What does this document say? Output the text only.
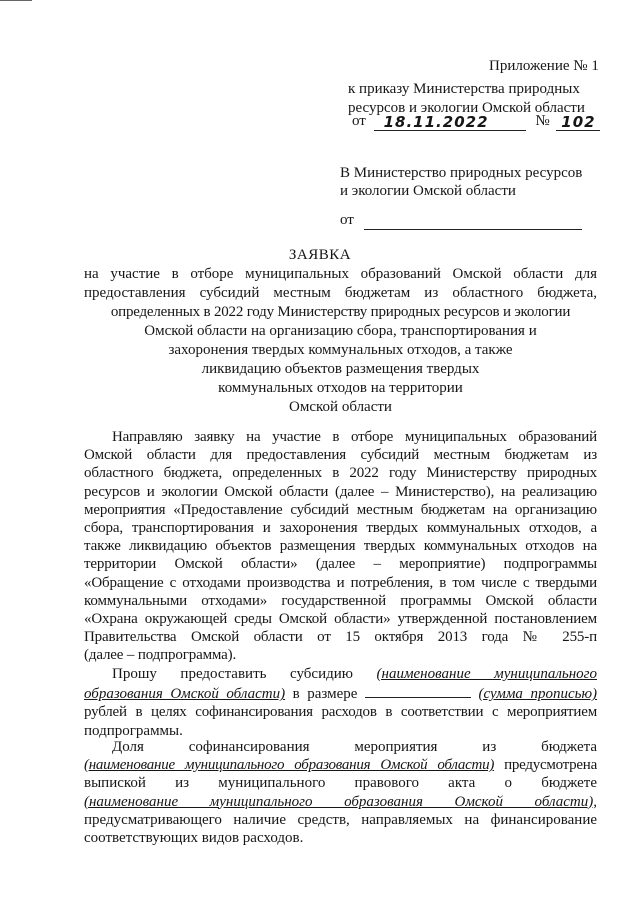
Приложение № 1
к приказу Министерства природных
ресурсов и экологии Омской области
от 18.11.2022	№ 102
В Министерство природных ресурсов
и экологии Омской области
от
ЗАЯВКА
на участие в отборе муниципальных образований Омской области для
предоставления субсидий местным бюджетам из областного бюджета,
определенных в 2022 году Министерству природных ресурсов и экологии
Омской области на организацию сбора, транспортирования и
захоронения твердых коммунальных отходов, а также
ликвидацию объектов размещения твердых
коммунальных отходов на территории
Омской области
Направляю заявку на участие в отборе муниципальных образований
Омской области для предоставления субсидий местным бюджетам из
областного бюджета, определенных в 2022 году Министерству природных
ресурсов и экологии Омской области (далее – Министерство), на реализацию
мероприятия «Предоставление субсидий местным бюджетам на организацию
сбора, транспортирования и захоронения твердых коммунальных отходов, а
также ликвидацию объектов размещения твердых коммунальных отходов на
территории Омской области» (далее – мероприятие) подпрограммы
«Обращение с отходами производства и потребления, в том числе с твердыми
коммунальными отходами» государственной программы Омской области
«Охрана окружающей среды Омской области» утвержденной постановлением
Правительства Омской области от 15 октября 2013 года № 255-п
(далее – подпрограмма).
Прошу предоставить субсидию (наименование муниципального
образования Омской области) в размере	(сумма прописью)
рублей в целях софинансирования расходов в соответствии с мероприятием
подпрограммы.
Доля софинансирования мероприятия из бюджета
(наименование муниципального образования Омской области) предусмотрена
выпиской из муниципального правового акта о бюджете
(наименование муниципального образования Омской области),
предусматривающего наличие средств, направляемых на финансирование
соответствующих видов расходов.
